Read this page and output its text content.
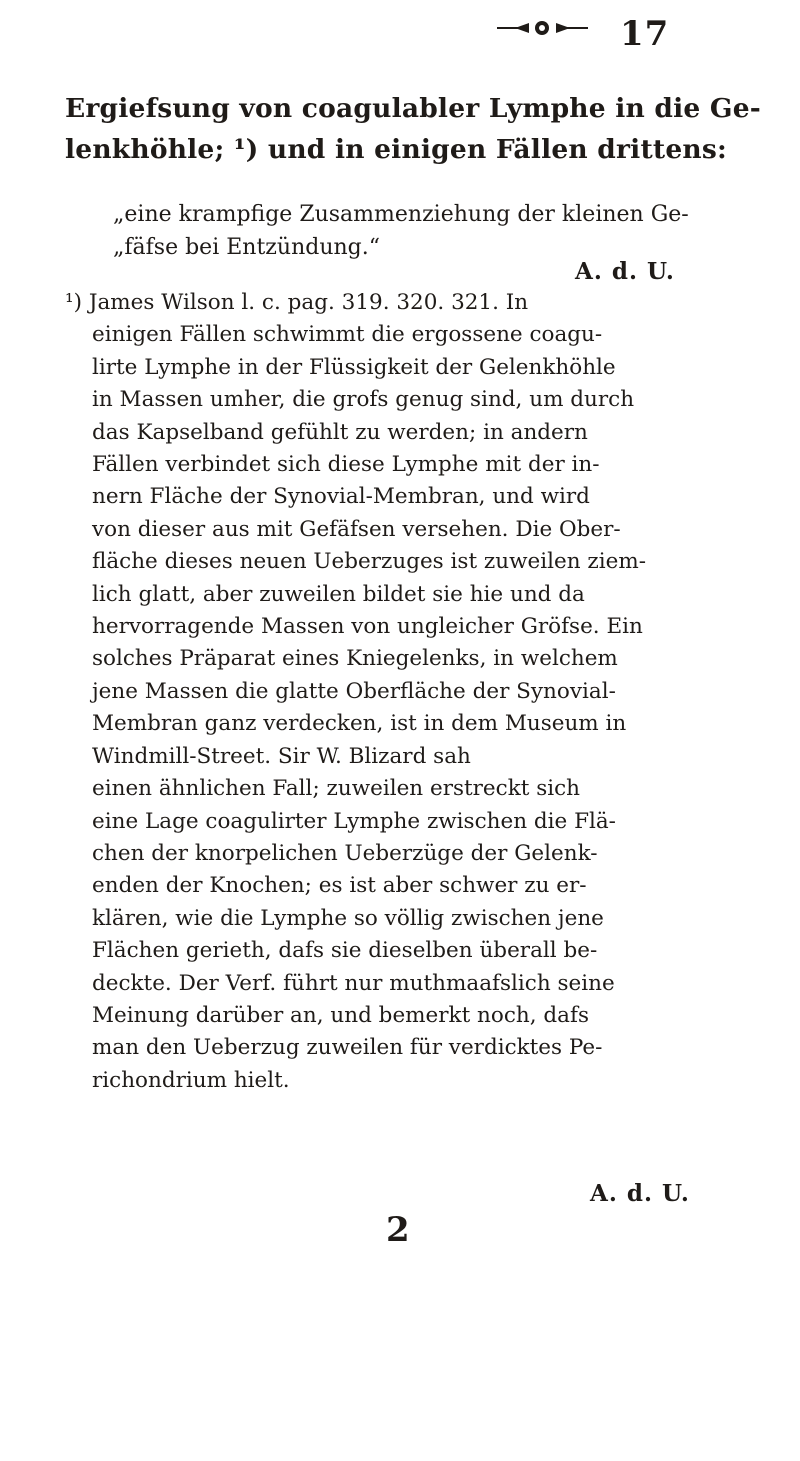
17
Ergiefsung von coagulabler Lymphe in die Ge-
lenkhöhle; ¹) und in einigen Fällen drittens:
„eine krampfige Zusammenziehung der kleinen Ge-
„fäfse bei Entzündung.“
A. d. U.
¹) James Wilson l. c. pag. 319. 320. 321. In
einigen Fällen schwimmt die ergossene coagu-
lirte Lymphe in der Flüssigkeit der Gelenkhöhle
in Massen umher, die grofs genug sind, um durch
das Kapselband gefühlt zu werden; in andern
Fällen verbindet sich diese Lymphe mit der in-
nern Fläche der Synovial-Membran, und wird
von dieser aus mit Gefäfsen versehen. Die Ober-
fläche dieses neuen Ueberzuges ist zuweilen ziem-
lich glatt, aber zuweilen bildet sie hie und da
hervorragende Massen von ungleicher Gröfse. Ein
solches Präparat eines Kniegelenks, in welchem
jene Massen die glatte Oberfläche der Synovial-
Membran ganz verdecken, ist in dem Museum in
Windmill-Street. Sir W. Blizard sah
einen ähnlichen Fall; zuweilen erstreckt sich
eine Lage coagulirter Lymphe zwischen die Flä-
chen der knorpelichen Ueberzüge der Gelenk-
enden der Knochen; es ist aber schwer zu er-
klären, wie die Lymphe so völlig zwischen jene
Flächen gerieth, dafs sie dieselben überall be-
deckte. Der Verf. führt nur muthmaafslich seine
Meinung darüber an, und bemerkt noch, dafs
man den Ueberzug zuweilen für verdicktes Pe-
richondrium hielt.
A. d. U.
2
